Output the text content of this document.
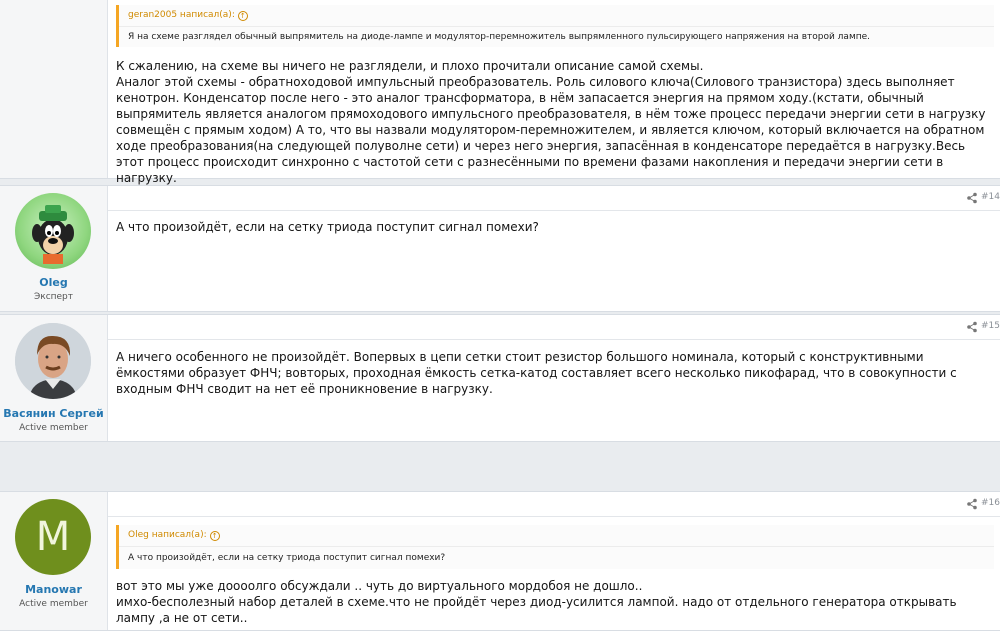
geran2005 написал(а): ↑
Я на схеме разглядел обычный выпрямитель на диоде-лампе и модулятор-перемножитель выпрямленного пульсирующего напряжения на второй лампе.
К сжалению, на схеме вы ничего не разглядели, и плохо прочитали описание самой схемы.
Аналог этой схемы - обратноходовой импульсный преобразователь. Роль силового ключа(Силового транзистора) здесь выполняет кенотрон. Конденсатор после него - это аналог трансформатора, в нём запасается энергия на прямом ходу.(кстати, обычный выпрямитель является аналогом прямоходового импульсного преобразователя, в нём тоже процесс передачи энергии сети в нагрузку совмещён с прямым ходом) А то, что вы назвали модулятором-перемножителем, и является ключом, который включается на обратном ходе преобразования(на следующей полуволне сети) и через него энергия, запасённая в конденсаторе передаётся в нагрузку.Весь этот процесс происходит синхронно с частотой сети с разнесёнными по времени фазами накопления и передачи энергии сети в нагрузку.
Oleg
Эксперт
#14
А что произойдёт, если на сетку триода поступит сигнал помехи?
Васянин Сергей
Active member
#15
А ничего особенного не произойдёт. Вопервых в цепи сетки стоит резистор большого номинала, который с конструктивными ёмкостями образует ФНЧ; вовторых, проходная ёмкость сетка-катод составляет всего несколько пикофарад, что в совокупности с входным ФНЧ сводит на нет её проникновение в нагрузку.
M
Manowar
Active member
#16
Oleg написал(а): ↑
А что произойдёт, если на сетку триода поступит сигнал помехи?
вот это мы уже доооолго обсуждали .. чуть до виртуального мордобоя не дошло..
имхо-бесполезный набор деталей в схеме.что не пройдёт через диод-усилится лампой. надо от отдельного генератора открывать лампу ,а не от сети..
